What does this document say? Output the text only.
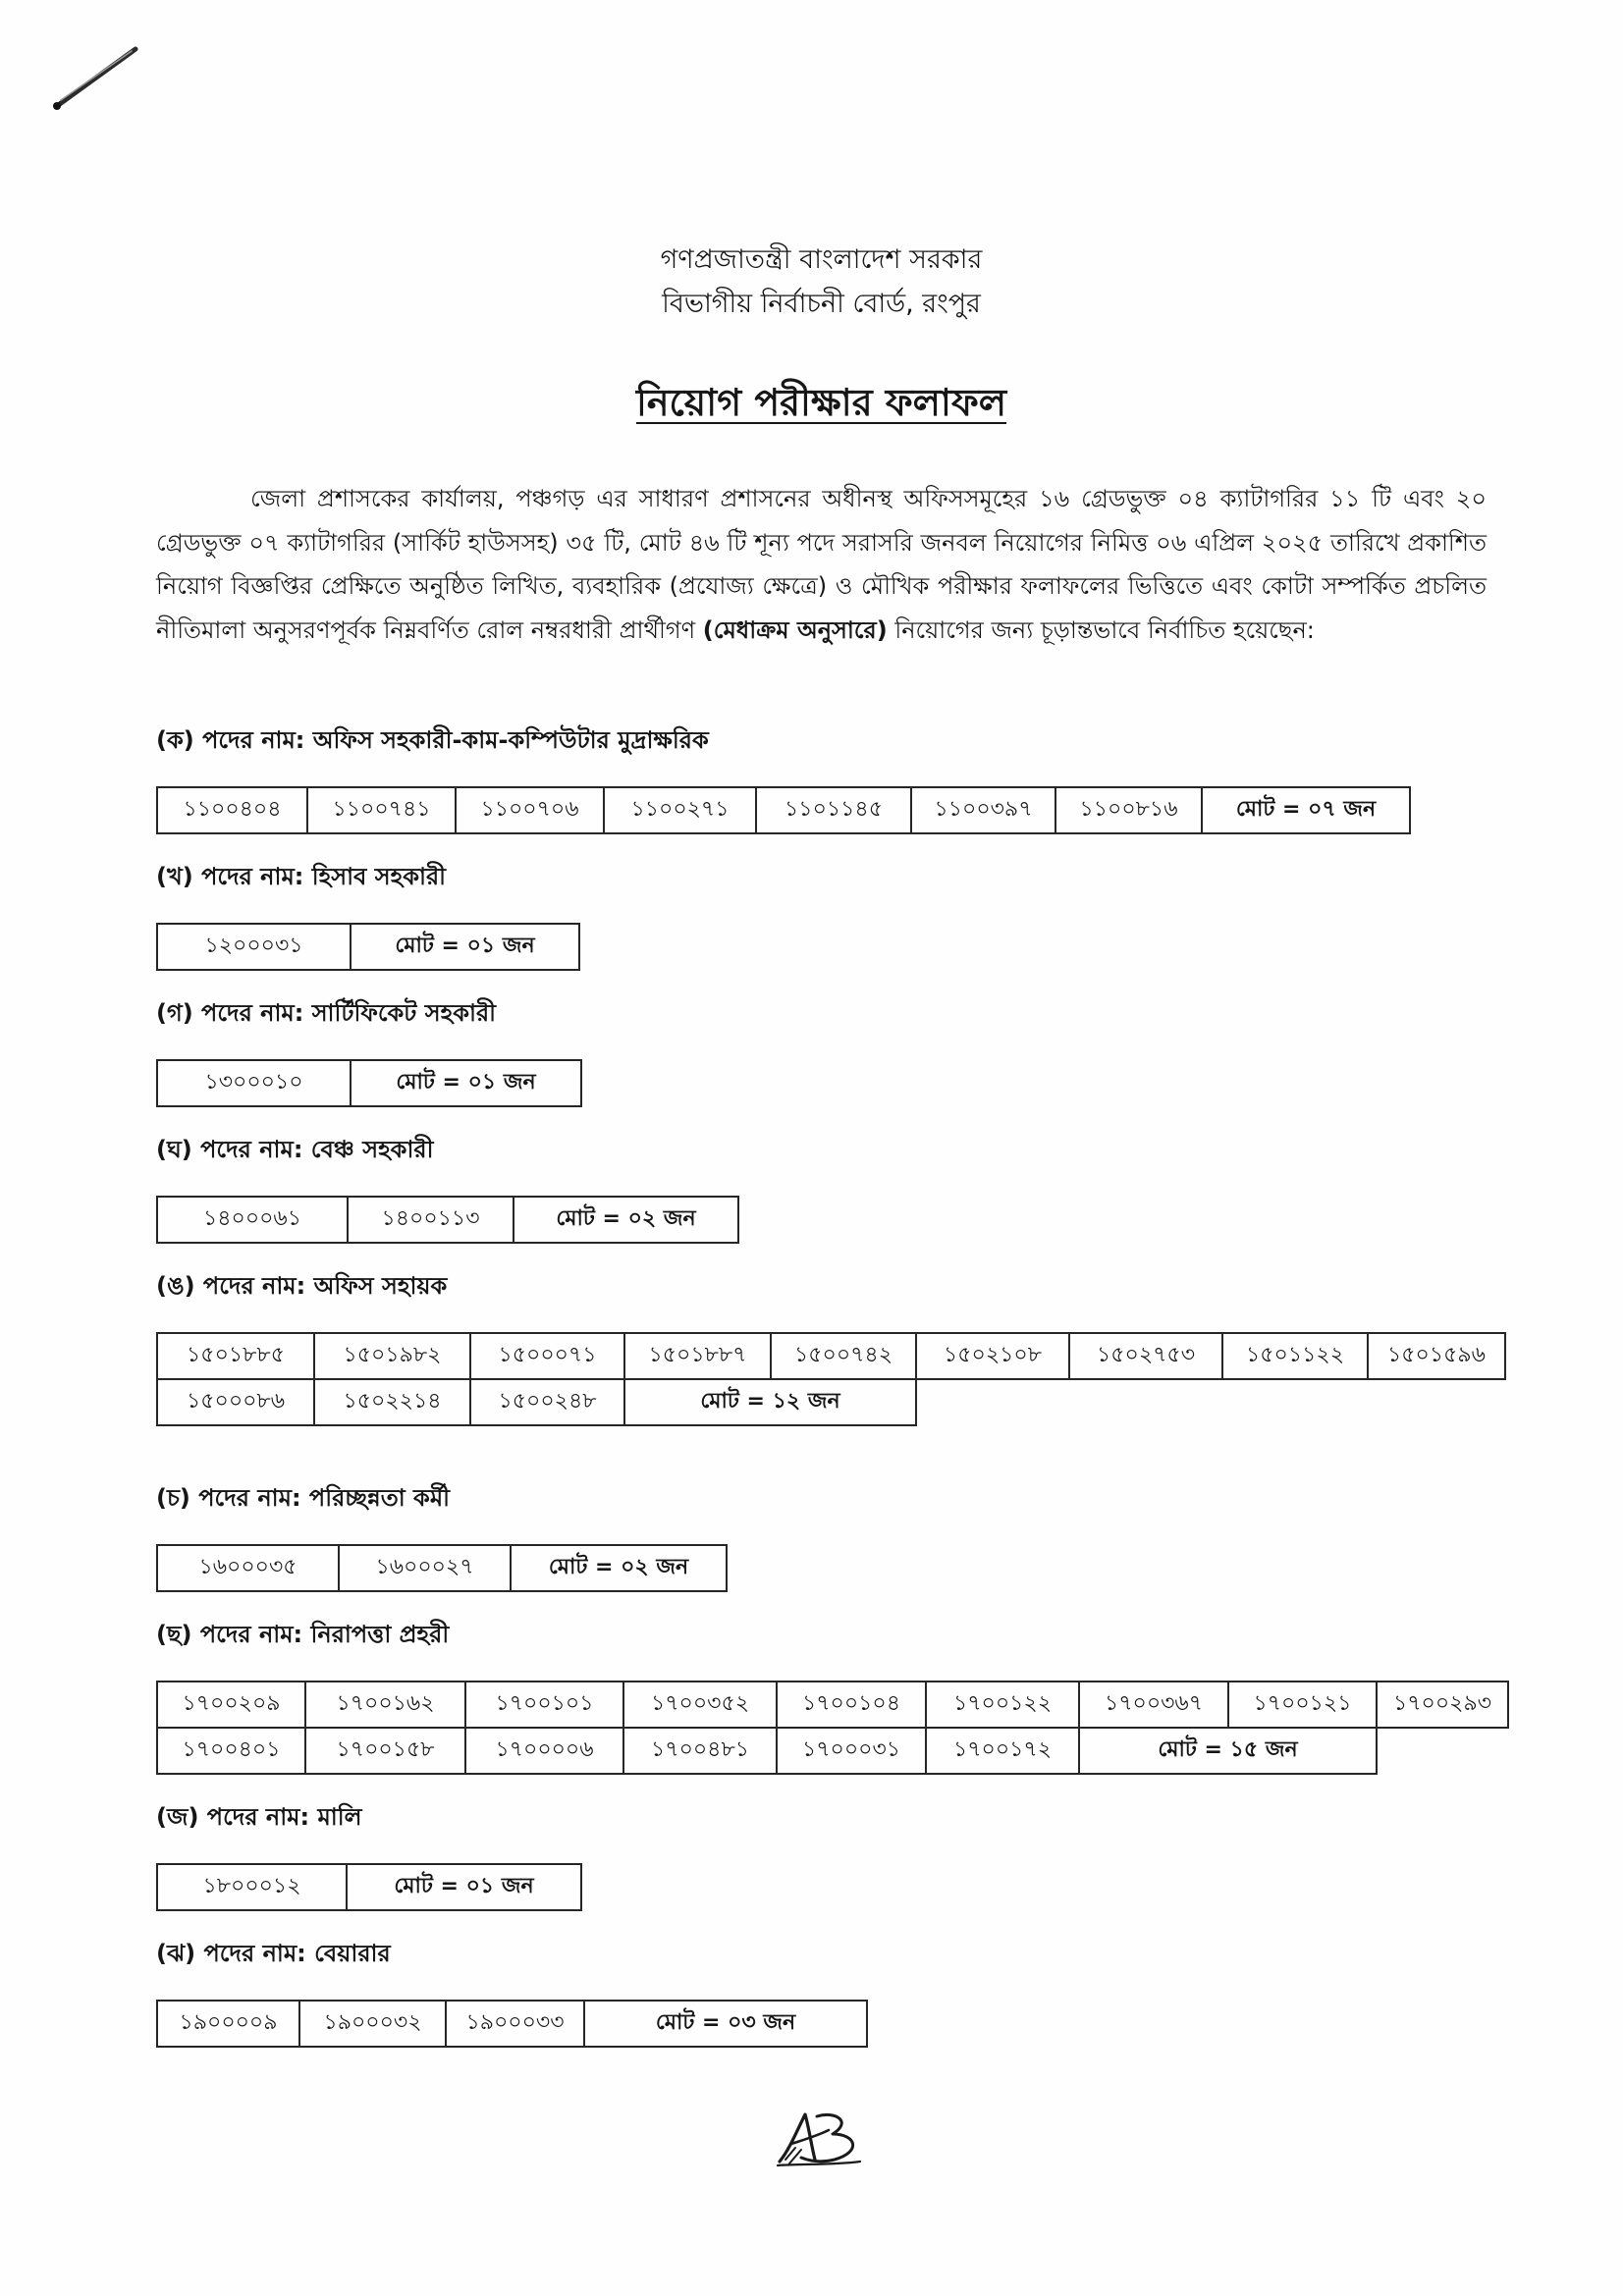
গণপ্রজাতন্ত্রী বাংলাদেশ সরকার
বিভাগীয় নির্বাচনী বোর্ড, রংপুর
নিয়োগ পরীক্ষার ফলাফল

জেলা প্রশাসকের কার্যালয়, পঞ্চগড় এর সাধারণ প্রশাসনের অধীনস্থ অফিসসমূহের ১৬ গ্রেডভুক্ত ০৪ ক্যাটাগরির ১১ টি এবং ২০ গ্রেডভুক্ত ০৭ ক্যাটাগরির (সার্কিট হাউসসহ) ৩৫ টি, মোট ৪৬ টি শূন্য পদে সরাসরি জনবল নিয়োগের নিমিত্ত ০৬ এপ্রিল ২০২৫ তারিখে প্রকাশিত নিয়োগ বিজ্ঞপ্তির প্রেক্ষিতে অনুষ্ঠিত লিখিত, ব্যবহারিক (প্রযোজ্য ক্ষেত্রে) ও মৌখিক পরীক্ষার ফলাফলের ভিত্তিতে এবং কোটা সম্পর্কিত প্রচলিত নীতিমালা অনুসরণপূর্বক নিম্নবর্ণিত রোল নম্বরধারী প্রার্থীগণ (মেধাক্রম অনুসারে) নিয়োগের জন্য চূড়ান্তভাবে নির্বাচিত হয়েছেন:

(ক) পদের নাম: অফিস সহকারী-কাম-কম্পিউটার মুদ্রাক্ষরিক
১১০০৪০৪	১১০০৭৪১	১১০০৭০৬	১১০০২৭১	১১০১১৪৫	১১০০৩৯৭	১১০০৮১৬	মোট = ০৭ জন
(খ) পদের নাম: হিসাব সহকারী
১২০০০৩১	মোট = ০১ জন
(গ) পদের নাম: সার্টিফিকেট সহকারী
১৩০০০১০	মোট = ০১ জন
(ঘ) পদের নাম: বেঞ্চ সহকারী
১৪০০০৬১	১৪০০১১৩	মোট = ০২ জন
(ঙ) পদের নাম: অফিস সহায়ক
১৫০১৮৮৫	১৫০১৯৮২	১৫০০০৭১	১৫০১৮৮৭	১৫০০৭৪২	১৫০২১০৮	১৫০২৭৫৩	১৫০১১২২	১৫০১৫৯৬
১৫০০০৮৬	১৫০২২১৪	১৫০০২৪৮	মোট = ১২ জন					
(চ) পদের নাম: পরিচ্ছন্নতা কর্মী
১৬০০০৩৫	১৬০০০২৭	মোট = ০২ জন
(ছ) পদের নাম: নিরাপত্তা প্রহরী
১৭০০২০৯	১৭০০১৬২	১৭০০১০১	১৭০০৩৫২	১৭০০১০৪	১৭০০১২২	১৭০০৩৬৭	১৭০০১২১	১৭০০২৯৩
১৭০০৪০১	১৭০০১৫৮	১৭০০০০৬	১৭০০৪৮১	১৭০০০৩১	১৭০০১৭২	মোট = ১৫ জন		
(জ) পদের নাম: মালি
১৮০০০১২	মোট = ০১ জন
(ঝ) পদের নাম: বেয়ারার
১৯০০০০৯	১৯০০০৩২	১৯০০০৩৩	মোট = ০৩ জন
